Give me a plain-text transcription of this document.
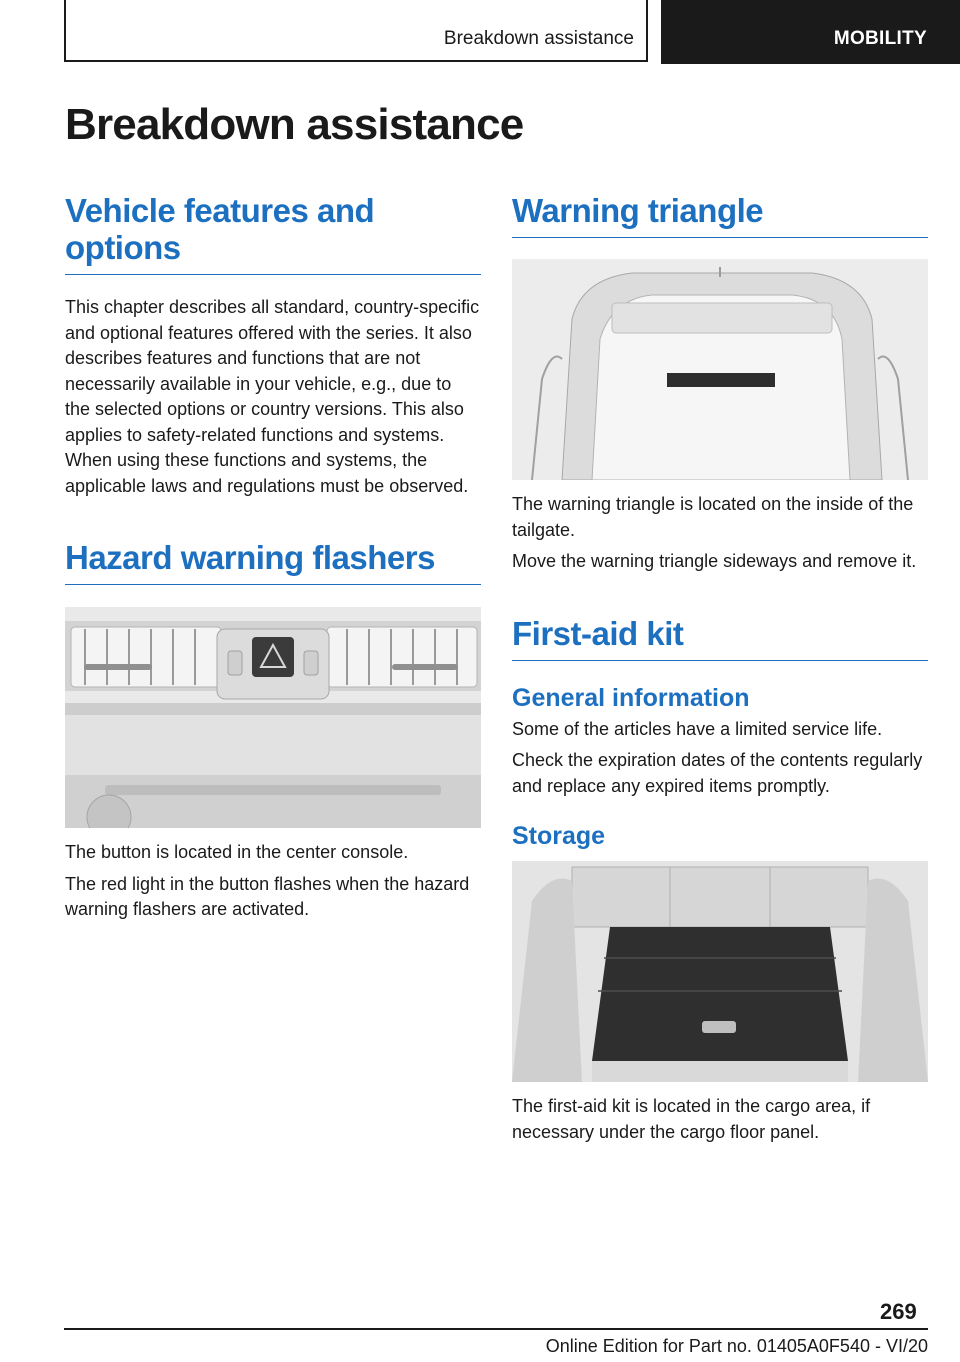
Breakdown assistance	MOBILITY
Breakdown assistance
Vehicle features and options

This chapter describes all standard, country-specific and optional features offered with the series. It also describes features and functions that are not necessarily available in your vehicle, e.g., due to the selected options or country versions. This also applies to safety-related functions and systems. When using these functions and systems, the applicable laws and regulations must be observed.

Hazard warning flashers

The button is located in the center console.

The red light in the button flashes when the hazard warning flashers are activated.

Warning triangle

The warning triangle is located on the inside of the tailgate.

Move the warning triangle sideways and remove it.

First-aid kit
General information

Some of the articles have a limited service life.

Check the expiration dates of the contents regularly and replace any expired items promptly.

Storage

The first-aid kit is located in the cargo area, if necessary under the cargo floor panel.

269
Online Edition for Part no. 01405A0F540 - VI/20
